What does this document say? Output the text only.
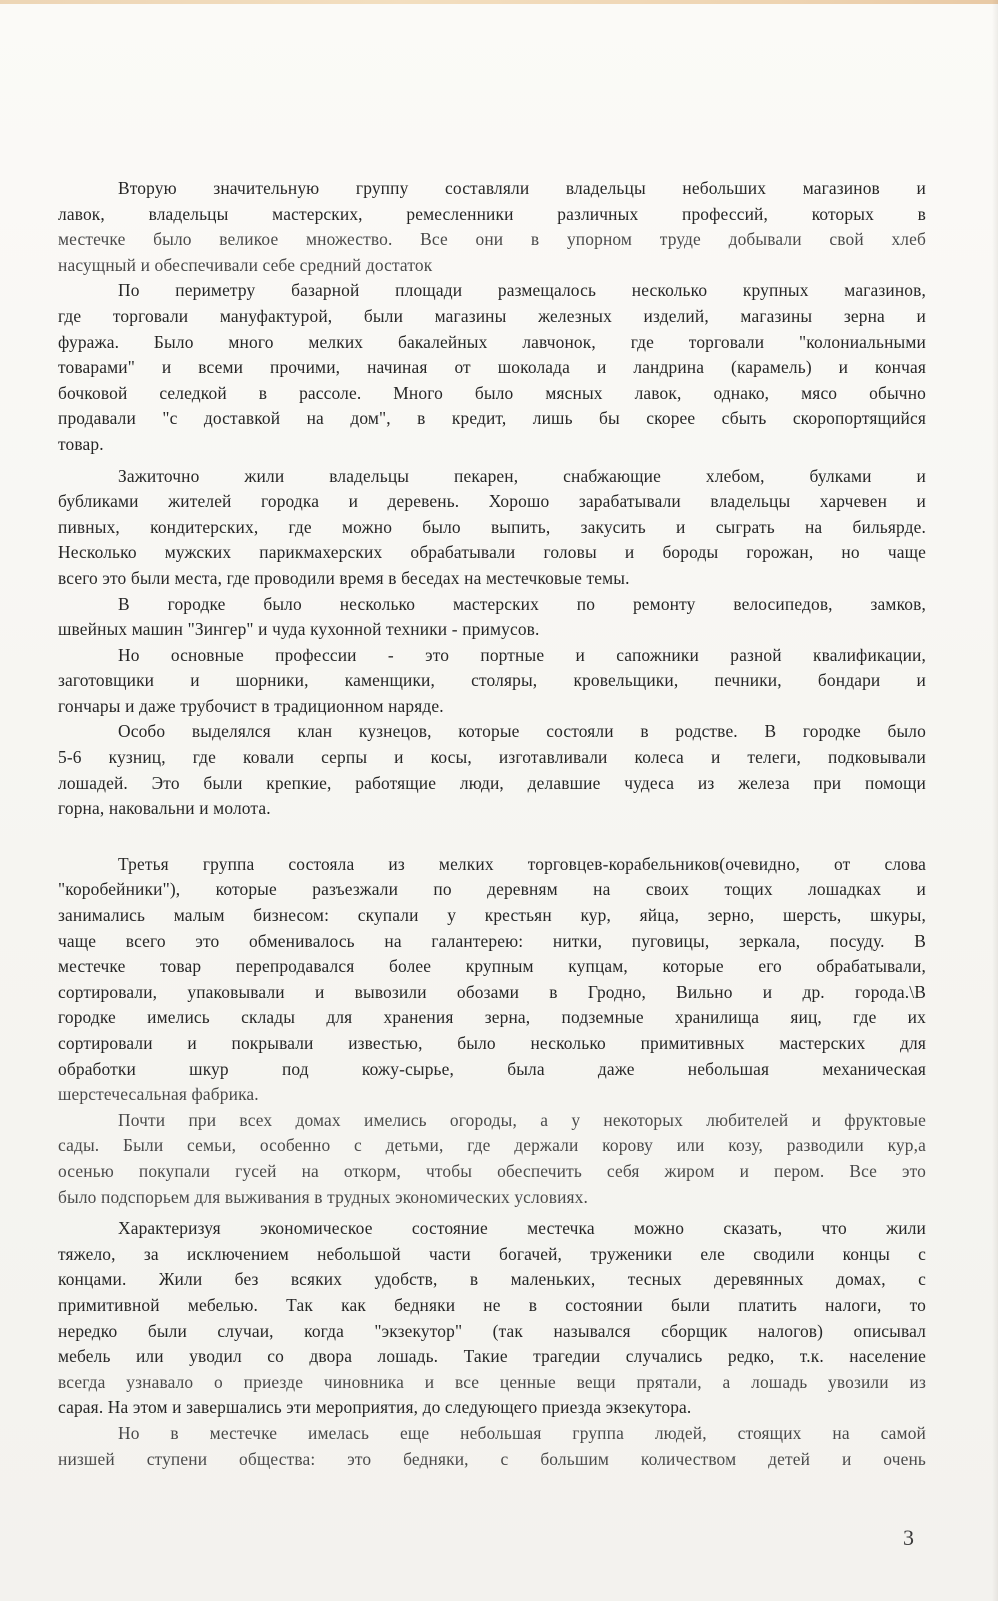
Вторую значительную группу составляли владельцы небольших магазинов и
лавок, владельцы мастерских, ремесленники различных профессий, которых в
местечке было великое множество. Все они в упорном труде добывали свой хлеб
насущный и обеспечивали себе средний достаток

По периметру базарной площади размещалось несколько крупных магазинов,
где торговали мануфактурой, были магазины железных изделий, магазины зерна и
фуража. Было много мелких бакалейных лавчонок, где торговали "колониальными
товарами" и всеми прочими, начиная от шоколада и ландрина (карамель) и кончая
бочковой селедкой в рассоле. Много было мясных лавок, однако, мясо обычно
продавали "с доставкой на дом", в кредит, лишь бы скорее сбыть скоропортящийся
товар.

Зажиточно жили владельцы пекарен, снабжающие хлебом, булками и
бубликами жителей городка и деревень. Хорошо зарабатывали владельцы харчевен и
пивных, кондитерских, где можно было выпить, закусить и сыграть на бильярде.
Несколько мужских парикмахерских обрабатывали головы и бороды горожан, но чаще
всего это были места, где проводили время в беседах на местечковые темы.

В городке было несколько мастерских по ремонту велосипедов, замков,
швейных машин "Зингер" и чуда кухонной техники - примусов.

Но основные профессии - это портные и сапожники разной квалификации,
заготовщики и шорники, каменщики, столяры, кровельщики, печники, бондари и
гончары и даже трубочист в традиционном наряде.

Особо выделялся клан кузнецов, которые состояли в родстве. В городке было
5-6 кузниц, где ковали серпы и косы, изготавливали колеса и телеги, подковывали
лошадей. Это были крепкие, работящие люди, делавшие чудеса из железа при помощи
горна, наковальни и молота.

Третья группа состояла из мелких торговцев-корабельников(очевидно, от слова
"коробейники"), которые разъезжали по деревням на своих тощих лошадках и
занимались малым бизнесом: скупали у крестьян кур, яйца, зерно, шерсть, шкуры,
чаще всего это обменивалось на галантерею: нитки, пуговицы, зеркала, посуду. В
местечке товар перепродавался более крупным купцам, которые его обрабатывали,
сортировали, упаковывали и вывозили обозами в Гродно, Вильно и др. города.\В
городке имелись склады для хранения зерна, подземные хранилища яиц, где их
сортировали и покрывали известью, было несколько примитивных мастерских для
обработки шкур под кожу-сырье, была даже небольшая механическая
шерстечесальная фабрика.

Почти при всех домах имелись огороды, а у некоторых любителей и фруктовые
сады. Были семьи, особенно с детьми, где держали корову или козу, разводили кур,а
осенью покупали гусей на откорм, чтобы обеспечить себя жиром и пером. Все это
было подспорьем для выживания в трудных экономических условиях.

Характеризуя экономическое состояние местечка можно сказать, что жили
тяжело, за исключением небольшой части богачей, труженики еле сводили концы с
концами. Жили без всяких удобств, в маленьких, тесных деревянных домах, с
примитивной мебелью. Так как бедняки не в состоянии были платить налоги, то
нередко были случаи, когда "экзекутор" (так назывался сборщик налогов) описывал
мебель или уводил со двора лошадь. Такие трагедии случались редко, т.к. население
всегда узнавало о приезде чиновника и все ценные вещи прятали, а лошадь увозили из
сарая. На этом и завершались эти мероприятия, до следующего приезда экзекутора.

Но в местечке имелась еще небольшая группа людей, стоящих на самой
низшей ступени общества: это бедняки, с большим количеством детей и очень

3
